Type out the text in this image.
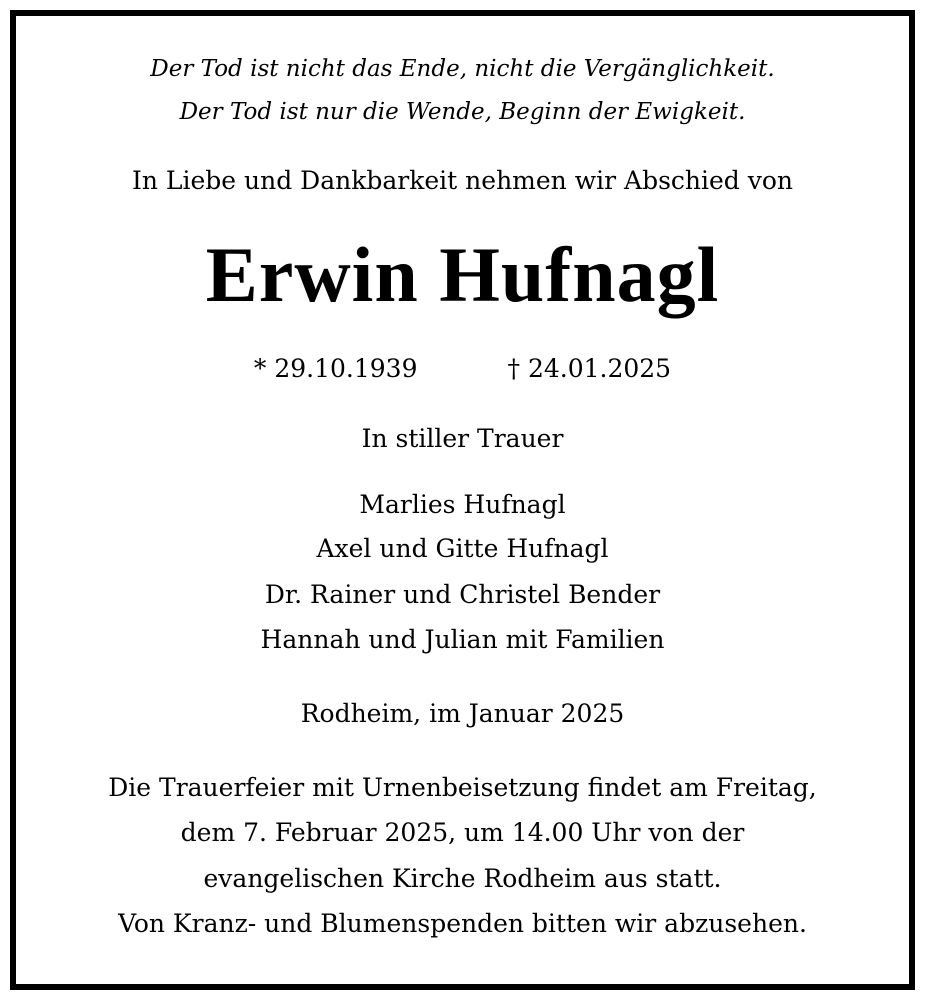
Der Tod ist nicht das Ende, nicht die Vergänglichkeit.

Der Tod ist nur die Wende, Beginn der Ewigkeit.

In Liebe und Dankbarkeit nehmen wir Abschied von

Erwin Hufnagl

* 29.10.1939	† 24.01.2025

In stiller Trauer

Marlies Hufnagl

Axel und Gitte Hufnagl

Dr. Rainer und Christel Bender

Hannah und Julian mit Familien

Rodheim, im Januar 2025

Die Trauerfeier mit Urnenbeisetzung findet am Freitag,

dem 7. Februar 2025, um 14.00 Uhr von der

evangelischen Kirche Rodheim aus statt.

Von Kranz- und Blumenspenden bitten wir abzusehen.
